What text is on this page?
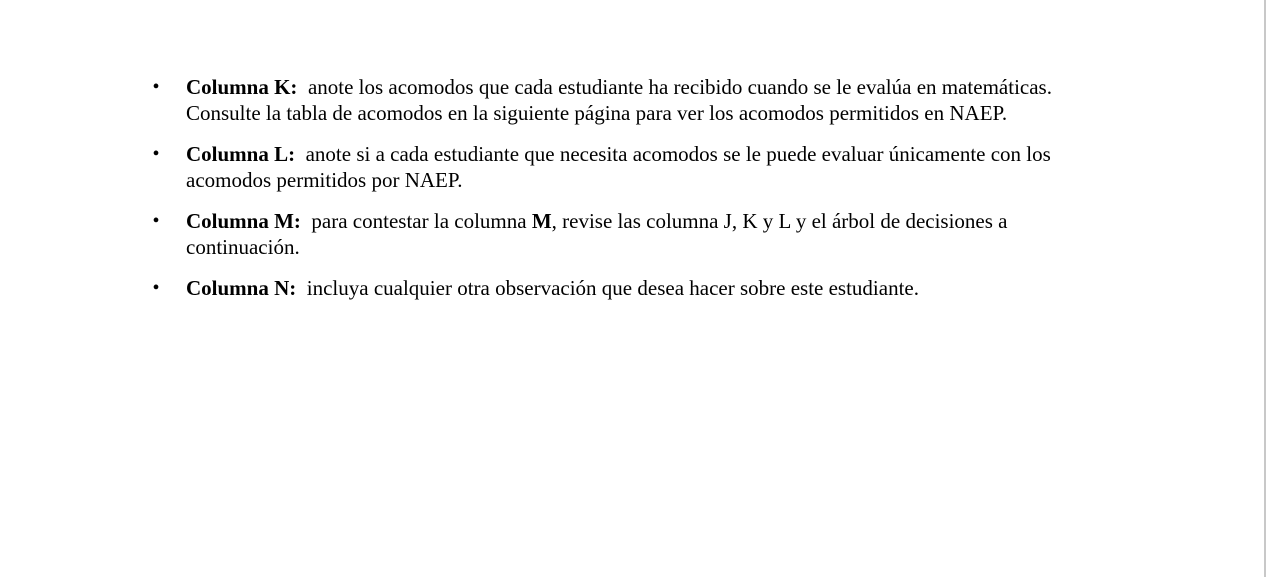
• Columna K: anote los acomodos que cada estudiante ha recibido cuando se le evalúa en matemáticas. Consulte la tabla de acomodos en la siguiente página para ver los acomodos permitidos en NAEP.
• Columna L: anote si a cada estudiante que necesita acomodos se le puede evaluar únicamente con los acomodos permitidos por NAEP.
• Columna M: para contestar la columna M, revise las columna J, K y L y el árbol de decisiones a continuación.
• Columna N: incluya cualquier otra observación que desea hacer sobre este estudiante.
